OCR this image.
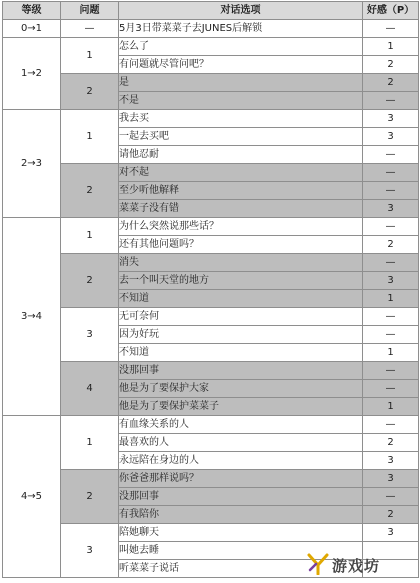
等级	问题	对话选项	好感（P）
0→1	—	5月3日带菜菜子去JUNES后解锁	—
1→2	1	怎么了	1
		有问题就尽管问吧？	2
	2	是	2
		不是	—
2→3	1	我去买	3
		一起去买吧	3
		请他忍耐	—
	2	对不起	—
		至少听他解释	—
		菜菜子没有错	3
3→4	1	为什么突然说那些话？	—
		还有其他问题吗？	2
	2	消失	—
		去一个叫天堂的地方	3
		不知道	1
	3	无可奈何	—
		因为好玩	—
		不知道	1
	4	没那回事	—
		他是为了要保护大家	—
		他是为了要保护菜菜子	1
4→5	1	有血缘关系的人	—
		最喜欢的人	2
		永远陪在身边的人	3
	2	你爸爸那样说吗？	3
		没那回事	—
		有我陪你	2
	3	陪她聊天	3
		叫她去睡	
		听菜菜子说话		游戏坊
